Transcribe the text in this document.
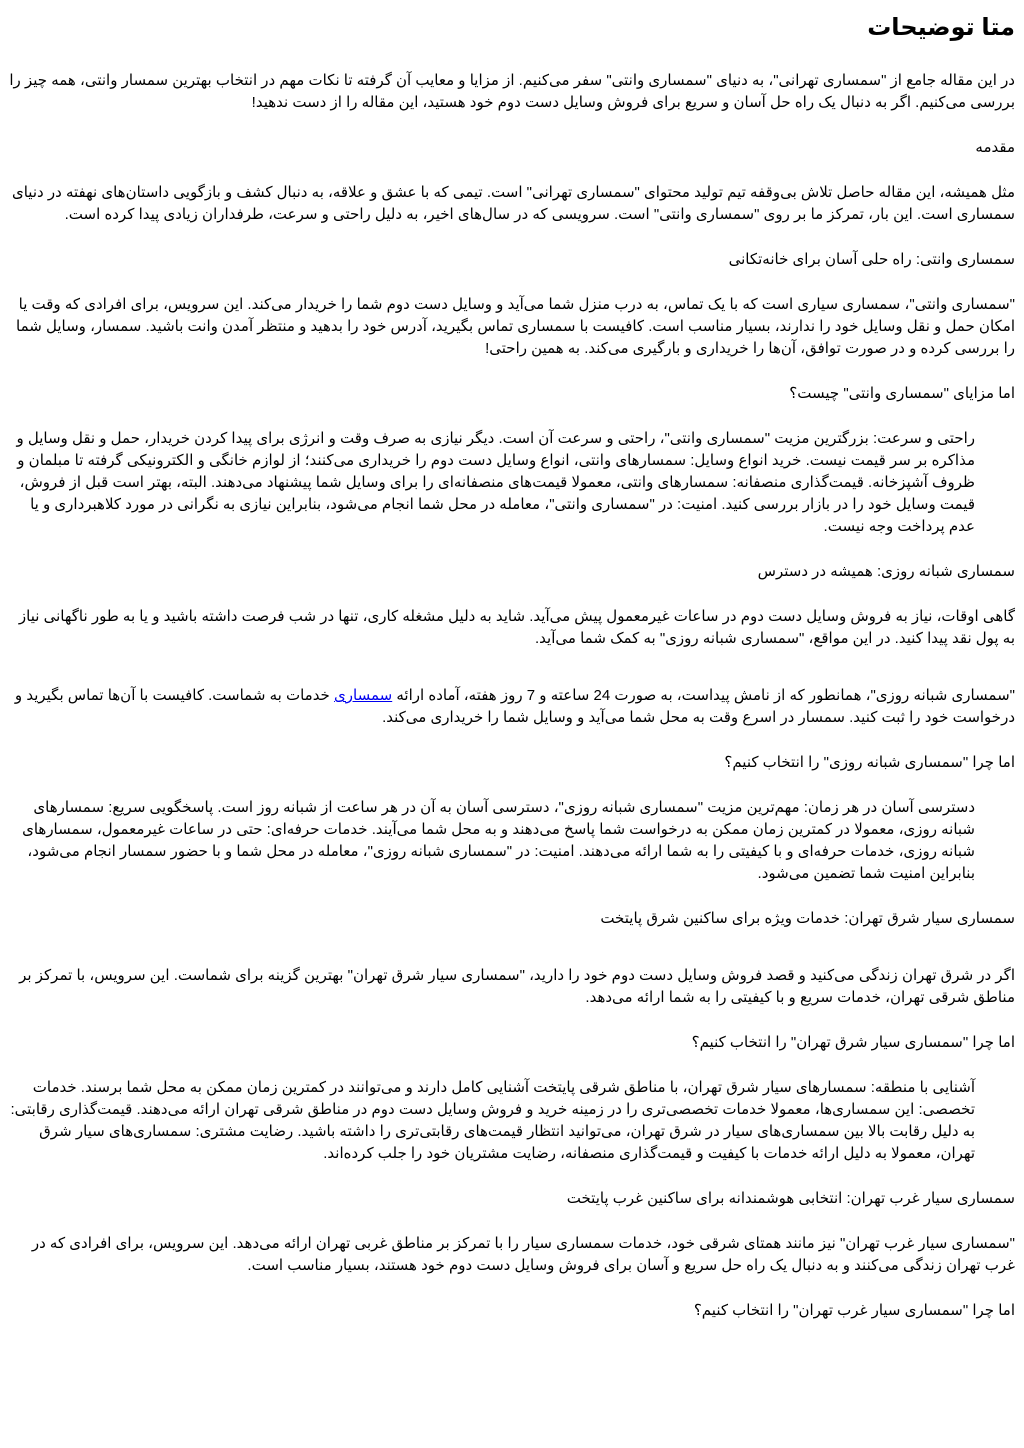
متا توضیحات

در این مقاله جامع از "سمساری تهرانی"، به دنیای "سمساری وانتی" سفر می‌کنیم. از مزایا و معایب آن گرفته تا نکات مهم در انتخاب بهترین سمسار وانتی، همه چیز را بررسی می‌کنیم. اگر به دنبال یک راه حل آسان و سریع برای فروش وسایل دست دوم خود هستید، این مقاله را از دست ندهید!

مقدمه

مثل همیشه، این مقاله حاصل تلاش بی‌وقفه تیم تولید محتوای "سمساری تهرانی" است. تیمی که با عشق و علاقه، به دنبال کشف و بازگویی داستان‌های نهفته در دنیای سمساری است. این بار، تمرکز ما بر روی "سمساری وانتی" است. سرویسی که در سال‌های اخیر، به دلیل راحتی و سرعت، طرفداران زیادی پیدا کرده است.

سمساری وانتی: راه حلی آسان برای خانه‌تکانی

"سمساری وانتی"، سمساری سیاری است که با یک تماس، به درب منزل شما می‌آید و وسایل دست دوم شما را خریدار می‌کند. این سرویس، برای افرادی که وقت یا امکان حمل و نقل وسایل خود را ندارند، بسیار مناسب است. کافیست با سمساری تماس بگیرید، آدرس خود را بدهید و منتظر آمدن وانت باشید. سمسار، وسایل شما را بررسی کرده و در صورت توافق، آن‌ها را خریداری و بارگیری می‌کند. به همین راحتی!

اما مزایای "سمساری وانتی" چیست؟

راحتی و سرعت: بزرگترین مزیت "سمساری وانتی"، راحتی و سرعت آن است. دیگر نیازی به صرف وقت و انرژی برای پیدا کردن خریدار، حمل و نقل وسایل و مذاکره بر سر قیمت نیست. خرید انواع وسایل: سمسارهای وانتی، انواع وسایل دست دوم را خریداری می‌کنند؛ از لوازم خانگی و الکترونیکی گرفته تا مبلمان و ظروف آشپزخانه. قیمت‌گذاری منصفانه: سمسارهای وانتی، معمولا قیمت‌های منصفانه‌ای را برای وسایل شما پیشنهاد می‌دهند. البته، بهتر است قبل از فروش، قیمت وسایل خود را در بازار بررسی کنید. امنیت: در "سمساری وانتی"، معامله در محل شما انجام می‌شود، بنابراین نیازی به نگرانی در مورد کلاهبرداری و یا عدم پرداخت وجه نیست.

سمساری شبانه روزی: همیشه در دسترس

گاهی اوقات، نیاز به فروش وسایل دست دوم در ساعات غیرمعمول پیش می‌آید. شاید به دلیل مشغله کاری، تنها در شب فرصت داشته باشید و یا به طور ناگهانی نیاز به پول نقد پیدا کنید. در این مواقع، "سمساری شبانه روزی" به کمک شما می‌آید.

"سمساری شبانه روزی"، همانطور که از نامش پیداست، به صورت 24 ساعته و 7 روز هفته، آماده ارائه سمساری خدمات به شماست. کافیست با آن‌ها تماس بگیرید و درخواست خود را ثبت کنید. سمسار در اسرع وقت به محل شما می‌آید و وسایل شما را خریداری می‌کند.

اما چرا "سمساری شبانه روزی" را انتخاب کنیم؟

دسترسی آسان در هر زمان: مهم‌ترین مزیت "سمساری شبانه روزی"، دسترسی آسان به آن در هر ساعت از شبانه روز است. پاسخگویی سریع: سمسارهای شبانه روزی، معمولا در کمترین زمان ممکن به درخواست شما پاسخ می‌دهند و به محل شما می‌آیند. خدمات حرفه‌ای: حتی در ساعات غیرمعمول، سمسارهای شبانه روزی، خدمات حرفه‌ای و با کیفیتی را به شما ارائه می‌دهند. امنیت: در "سمساری شبانه روزی"، معامله در محل شما و با حضور سمسار انجام می‌شود، بنابراین امنیت شما تضمین می‌شود.

سمساری سیار شرق تهران: خدمات ویژه برای ساکنین شرق پایتخت

اگر در شرق تهران زندگی می‌کنید و قصد فروش وسایل دست دوم خود را دارید، "سمساری سیار شرق تهران" بهترین گزینه برای شماست. این سرویس، با تمرکز بر مناطق شرقی تهران، خدمات سریع و با کیفیتی را به شما ارائه می‌دهد.

اما چرا "سمساری سیار شرق تهران" را انتخاب کنیم؟

آشنایی با منطقه: سمسارهای سیار شرق تهران، با مناطق شرقی پایتخت آشنایی کامل دارند و می‌توانند در کمترین زمان ممکن به محل شما برسند. خدمات تخصصی: این سمساری‌ها، معمولا خدمات تخصصی‌تری را در زمینه خرید و فروش وسایل دست دوم در مناطق شرقی تهران ارائه می‌دهند. قیمت‌گذاری رقابتی: به دلیل رقابت بالا بین سمساری‌های سیار در شرق تهران، می‌توانید انتظار قیمت‌های رقابتی‌تری را داشته باشید. رضایت مشتری: سمساری‌های سیار شرق تهران، معمولا به دلیل ارائه خدمات با کیفیت و قیمت‌گذاری منصفانه، رضایت مشتریان خود را جلب کرده‌اند.

سمساری سیار غرب تهران: انتخابی هوشمندانه برای ساکنین غرب پایتخت

"سمساری سیار غرب تهران" نیز مانند همتای شرقی خود، خدمات سمساری سیار را با تمرکز بر مناطق غربی تهران ارائه می‌دهد. این سرویس، برای افرادی که در غرب تهران زندگی می‌کنند و به دنبال یک راه حل سریع و آسان برای فروش وسایل دست دوم خود هستند، بسیار مناسب است.

اما چرا "سمساری سیار غرب تهران" را انتخاب کنیم؟
